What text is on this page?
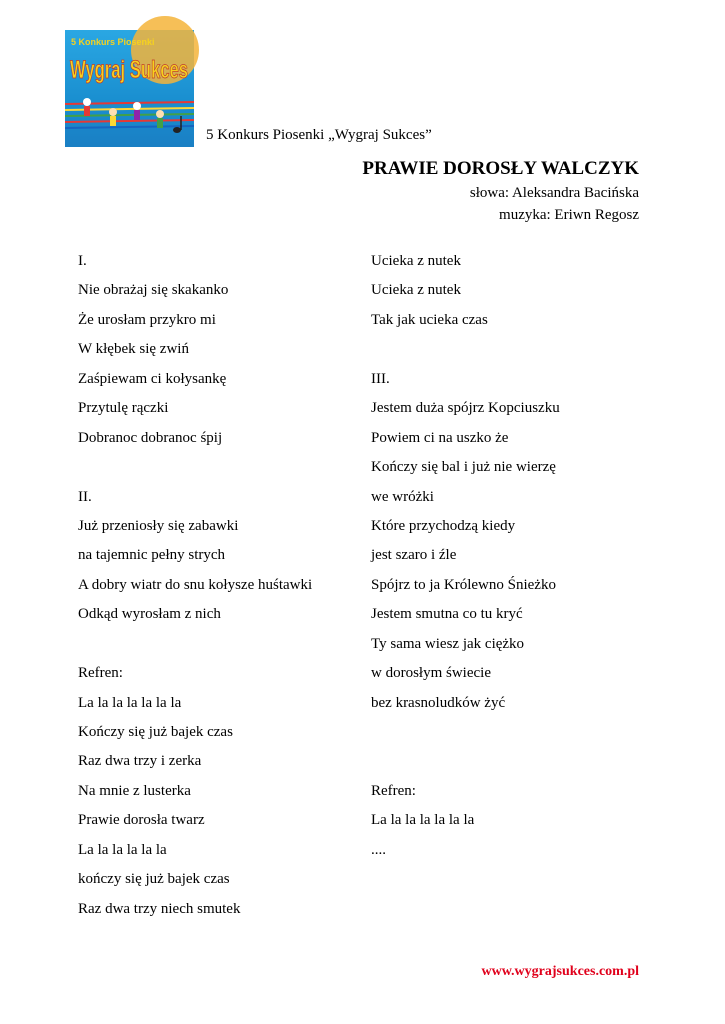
5 Konkurs Piosenki
Wygraj Sukces
5 Konkurs Piosenki „Wygraj Sukces”
PRAWIE DOROSŁY WALCZYK
słowa: Aleksandra Bacińska
muzyka: Eriwn Regosz
I.
Nie obrażaj się skakanko
Że urosłam przykro mi
W kłębek się zwiń
Zaśpiewam ci kołysankę
Przytulę rączki
Dobranoc dobranoc śpij
II.
Już przeniosły się zabawki
na tajemnic pełny strych
A dobry wiatr do snu kołysze huśtawki
Odkąd wyrosłam z nich
Refren:
La la la la la la la
Kończy się już bajek czas
Raz dwa trzy i zerka
Na mnie z lusterka
Prawie dorosła twarz
La la la la la la
kończy się już bajek czas
Raz dwa trzy niech smutek
Ucieka z nutek
Ucieka z nutek
Tak jak ucieka czas
III.
Jestem duża spójrz Kopciuszku
Powiem ci na uszko że
Kończy się bal i już nie wierzę
we wróżki
Które przychodzą kiedy
jest szaro i źle
Spójrz to ja Królewno Śnieżko
Jestem smutna co tu kryć
Ty sama wiesz jak ciężko
w dorosłym świecie
bez krasnoludków żyć
Refren:
La la la la la la la
....
www.wygrajsukces.com.pl
